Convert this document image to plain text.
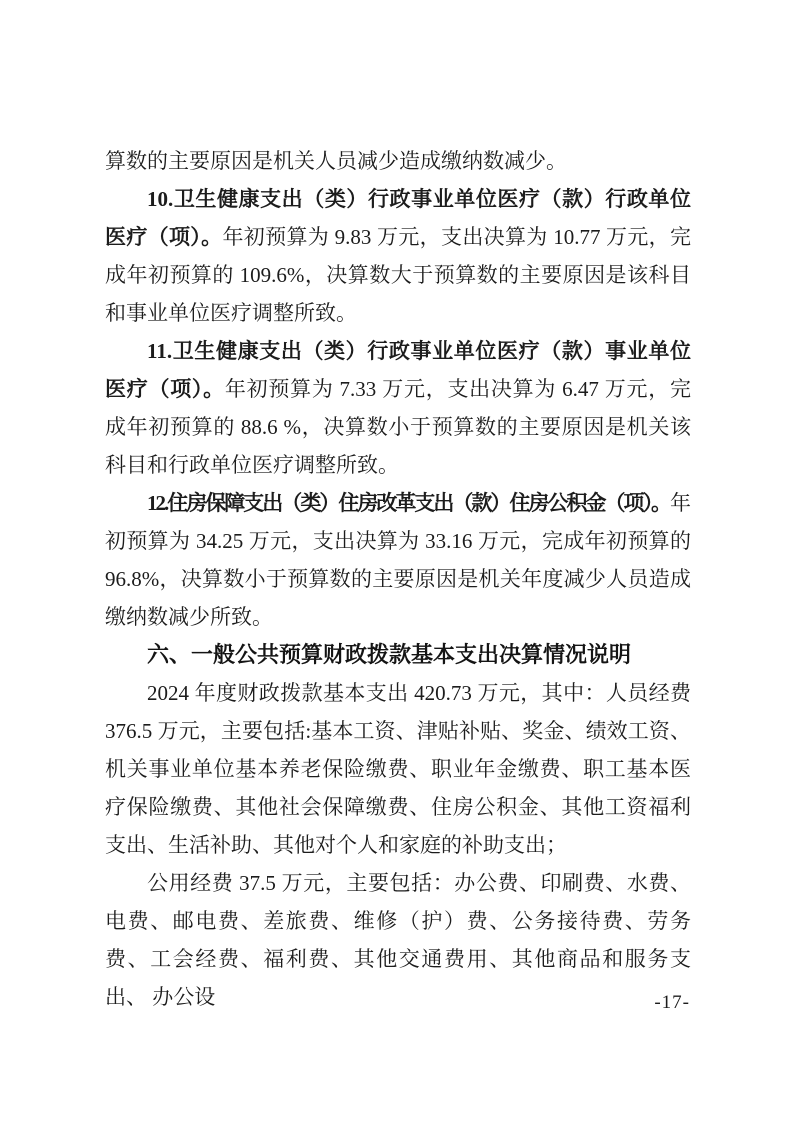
算数的主要原因是机关人员减少造成缴纳数减少。

10.卫生健康支出（类）行政事业单位医疗（款）行政单位医疗（项）。年初预算为 9.83 万元，支出决算为 10.77 万元，完成年初预算的 109.6%，决算数大于预算数的主要原因是该科目和事业单位医疗调整所致。

11.卫生健康支出（类）行政事业单位医疗（款）事业单位医疗（项）。年初预算为 7.33 万元，支出决算为 6.47 万元，完成年初预算的 88.6 %，决算数小于预算数的主要原因是机关该科目和行政单位医疗调整所致。

12.住房保障支出（类）住房改革支出（款）住房公积金（项）。年初预算为 34.25 万元，支出决算为 33.16 万元，完成年初预算的 96.8%，决算数小于预算数的主要原因是机关年度减少人员造成缴纳数减少所致。

六、一般公共预算财政拨款基本支出决算情况说明

2024 年度财政拨款基本支出 420.73 万元，其中：人员经费 376.5 万元，主要包括:基本工资、津贴补贴、奖金、绩效工资、机关事业单位基本养老保险缴费、职业年金缴费、职工基本医疗保险缴费、其他社会保障缴费、住房公积金、其他工资福利支出、生活补助、其他对个人和家庭的补助支出；

公用经费 37.5 万元，主要包括：办公费、印刷费、水费、电费、邮电费、差旅费、维修（护）费、公务接待费、劳务费、工会经费、福利费、其他交通费用、其他商品和服务支出、 办公设	-17-
